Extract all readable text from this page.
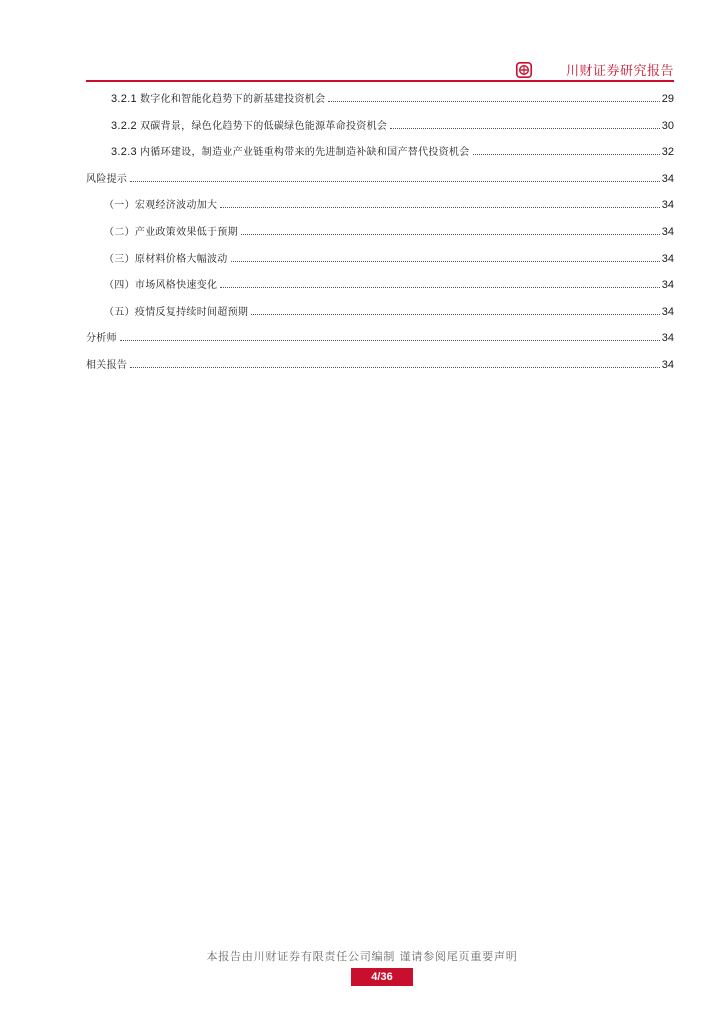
川财证券研究报告
3.2.1 数字化和智能化趋势下的新基建投资机会	29
3.2.2 双碳背景，绿色化趋势下的低碳绿色能源革命投资机会	30
3.2.3 内循环建设，制造业产业链重构带来的先进制造补缺和国产替代投资机会	32
风险提示	34
（一）宏观经济波动加大	34
（二）产业政策效果低于预期	34
（三）原材料价格大幅波动	34
（四）市场风格快速变化	34
（五）疫情反复持续时间超预期	34
分析师	34
相关报告	34
本报告由川财证券有限责任公司编制 谨请参阅尾页重要声明
4/36
